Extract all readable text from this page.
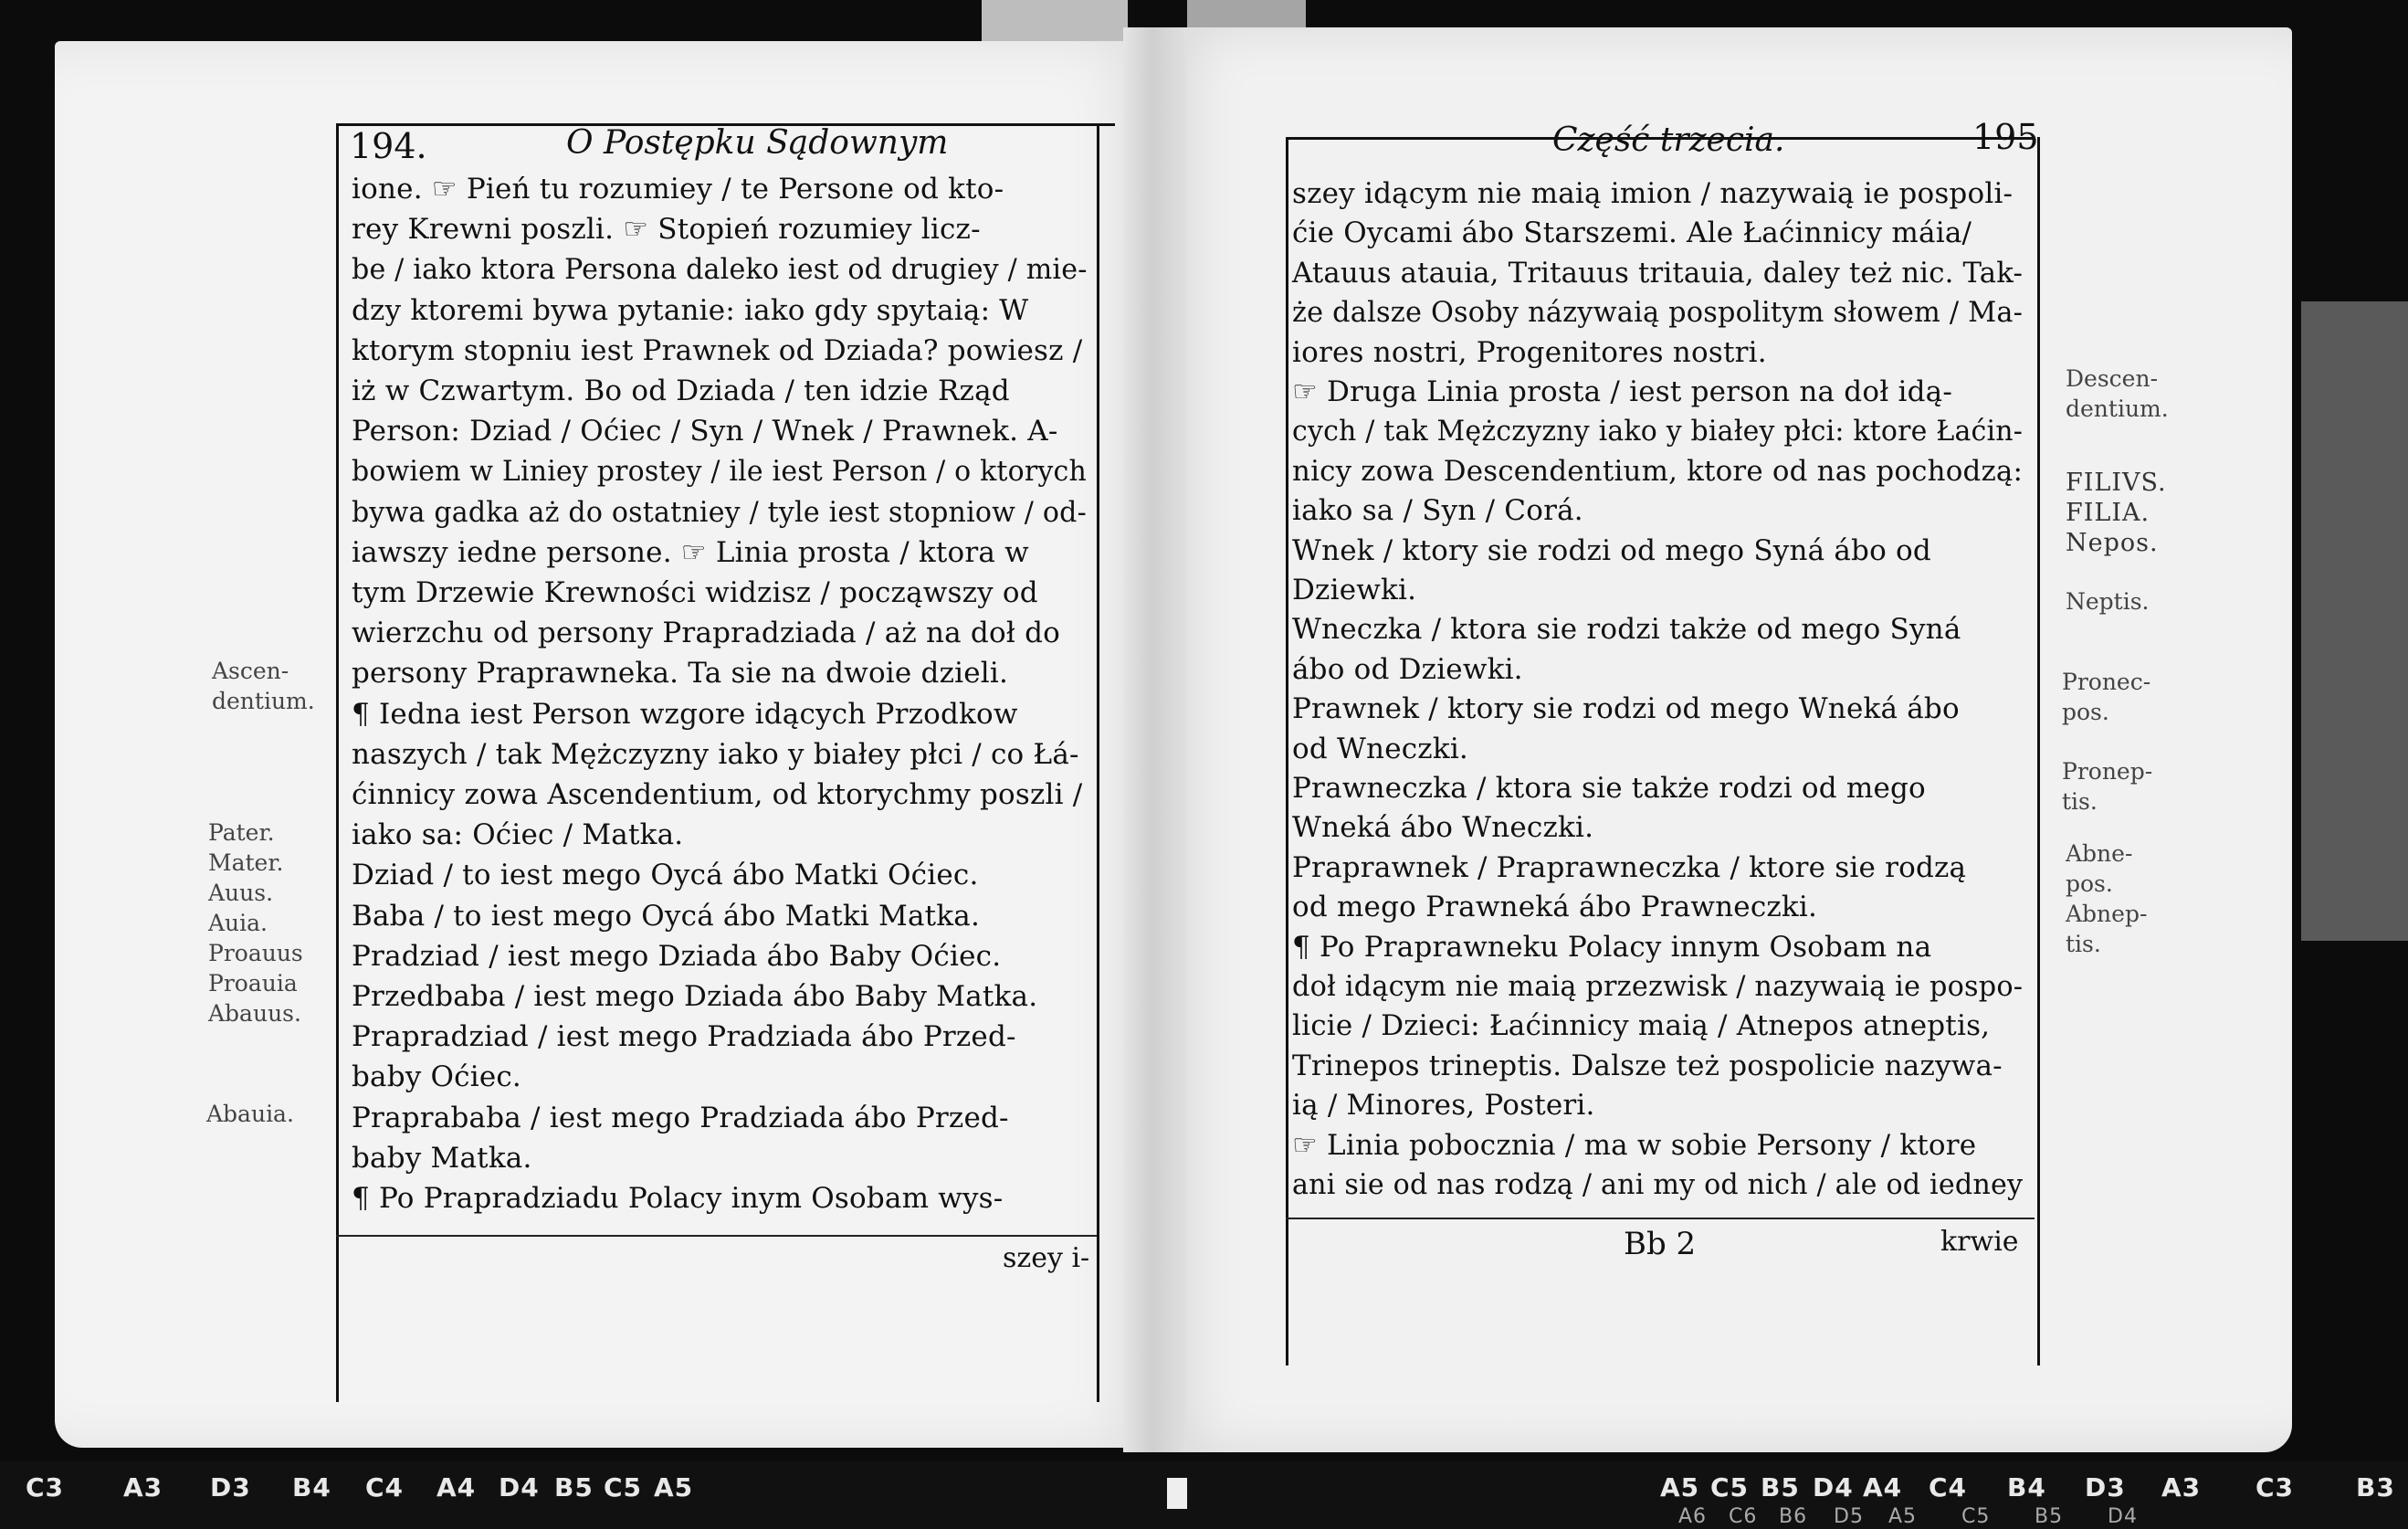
194.	O Postępku Sądownym
ione. ☞ Pień tu rozumiey / te Persone od kto-
rey Krewni poszli. ☞ Stopień rozumiey licz-
be / iako ktora Persona daleko iest od drugiey / mie-
dzy ktoremi bywa pytanie: iako gdy spytaią: W
ktorym stopniu iest Prawnek od Dziada? powiesz /
iż w Czwartym. Bo od Dziada / ten idzie Rząd
Person: Dziad / Oćiec / Syn / Wnek / Prawnek. A-
bowiem w Liniey prostey / ile iest Person / o ktorych
bywa gadka aż do ostatniey / tyle iest stopniow / od-
iawszy iedne persone. ☞ Linia prosta / ktora w
tym Drzewie Krewności widzisz / począwszy od
wierzchu od persony Prapradziada / aż na doł do
persony Praprawnekа. Ta sie na dwoie dzieli.
¶ Iedna iest Person wzgore idących Przodkow
naszych / tak Mężczyzny iako y białey płci / co Łá-
ćinnicy zowa Ascendentium, od ktorychmy poszli /
iako sa: Oćiec / Matka.
Dziad / to iest mego Oycá ábo Matki Oćiec.
Baba / to iest mego Oycá ábo Matki Matka.
Pradziad / iest mego Dziada ábo Baby Oćiec.
Przedbaba / iest mego Dziada ábo Baby Matka.
Prapradziad / iest mego Pradziada ábo Przed-
baby Oćiec.
Praprababa / iest mego Pradziada ábo Przed-
baby Matka.
¶ Po Prapradziadu Polacy inym Osobam wys-
szey i-
Ascen-
dentium.
Pater.
Mater.
Auus.
Auia.
Proauus
Proauia
Abauus.
Abauia.
Część trzecia.	195
szey idącym nie maią imion / nazywaią ie pospoli-
ćie Oycami ábo Starszemi. Ale Łaćinnicy máia/
Atauus atauia, Tritauus tritauia, daley też nic. Tak-
że dalsze Osoby názywaią pospolitym słowem / Ma-
iores nostri, Progenitores nostri.
☞ Druga Linia prosta / iest person na doł idą-
cych / tak Mężczyzny iako y białey płci: ktore Łaćin-
nicy zowa Descendentium, ktore od nas pochodzą:
iako sa / Syn / Corá.
Wnek / ktory sie rodzi od mego Syná ábo od
Dziewki.
Wneczka / ktora sie rodzi także od mego Syná
ábo od Dziewki.
Prawnek / ktory sie rodzi od mego Wneká ábo
od Wneczki.
Prawneczka / ktora sie także rodzi od mego
Wneká ábo Wneczki.
Praprawnek / Praprawneczka / ktore sie rodzą
od mego Prawneká ábo Prawneczki.
¶ Po Praprawneku Polacy innym Osobam na
doł idącym nie maią przezwisk / nazywaią ie pospo-
licie / Dzieci: Łaćinnicy maią / Atnepos atneptis,
Trinepos trineptis. Dalsze też pospolicie nazywa-
ią / Minores, Posteri.
☞ Linia pobocznia / ma w sobie Persony / ktore
ani sie od nas rodzą / ani my od nich / ale od iedney
Bb 2	krwie
Descen-
dentium.
FILIVS.
FILIA.
Nepos.
Neptis.
Pronec-
pos.
Pronep-
tis.
Abne-
pos.
Abnep-
tis.
C3 A3 D3 B4 C4 A4 D4 B5 C5 A5	A5 C5 B5 D4 A4 C4 B4 D3 A3 C3 B3
A6 C6 B6 D5 A5 C5 B5 D4
